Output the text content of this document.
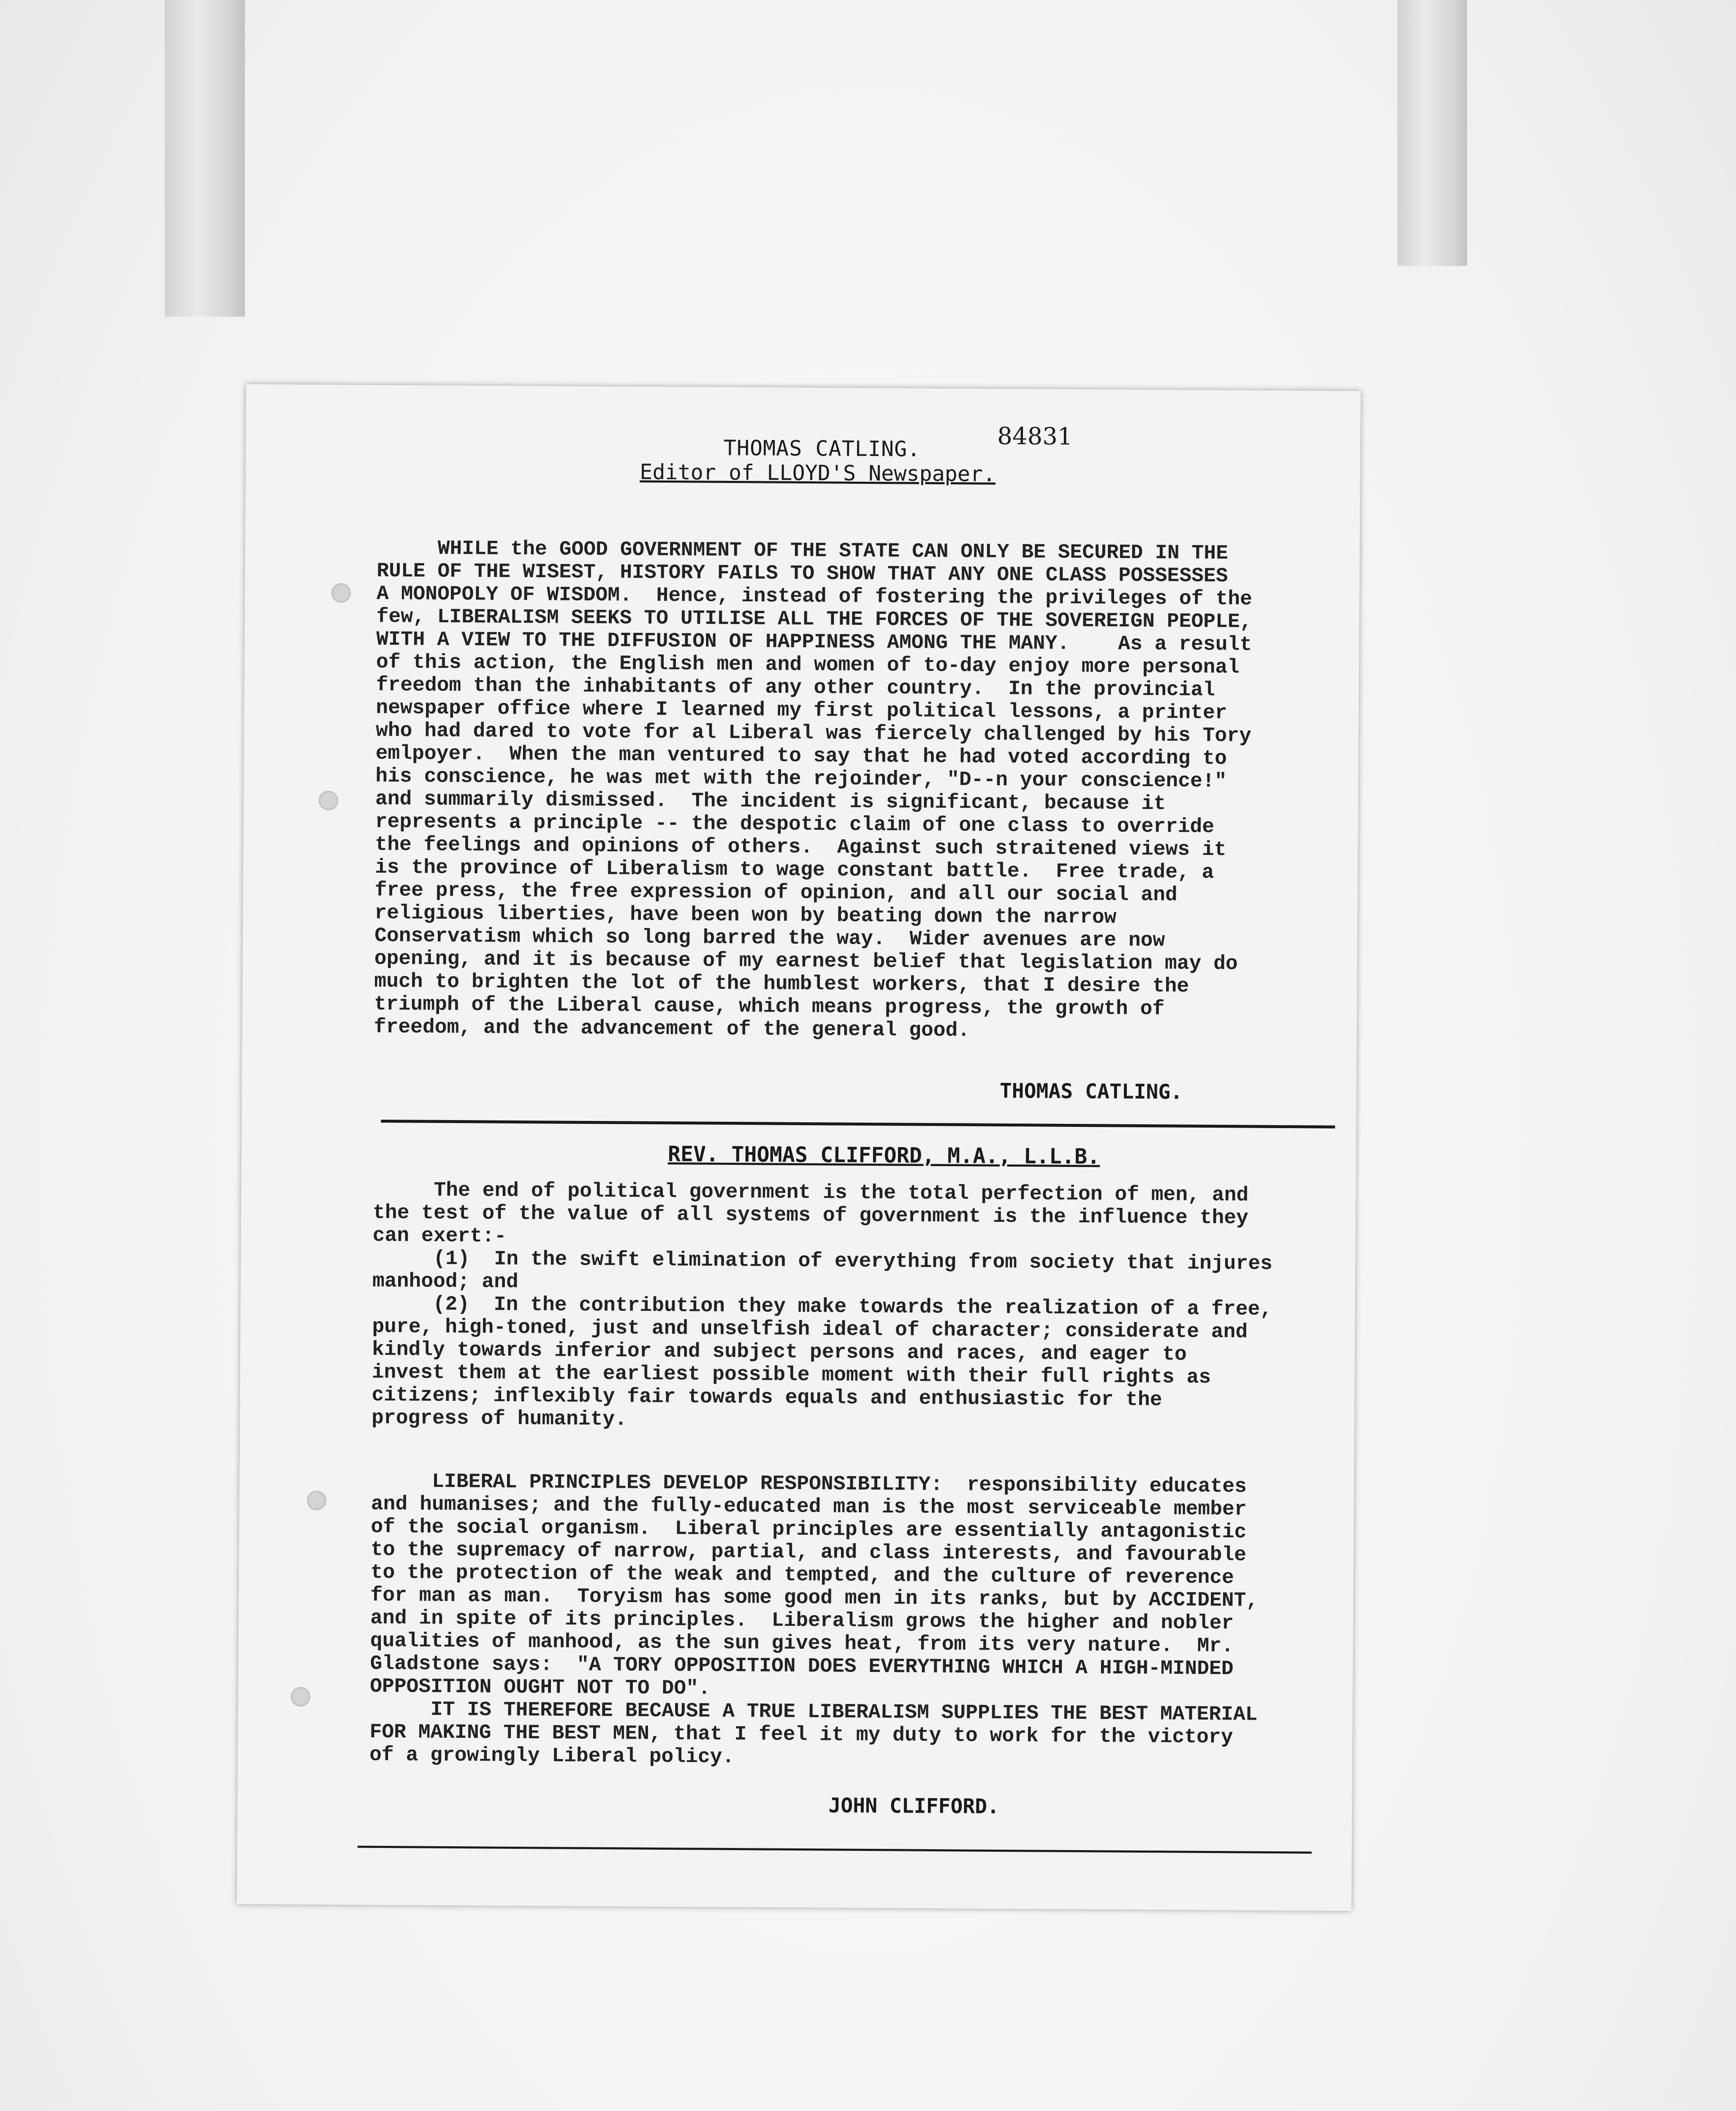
84831
THOMAS CATLING.
Editor of LLOYD'S Newspaper.
WHILE the GOOD GOVERNMENT OF THE STATE CAN ONLY BE SECURED IN THE
RULE OF THE WISEST, HISTORY FAILS TO SHOW THAT ANY ONE CLASS POSSESSES
A MONOPOLY OF WISDOM.  Hence, instead of fostering the privileges of the
few, LIBERALISM SEEKS TO UTILISE ALL THE FORCES OF THE SOVEREIGN PEOPLE,
WITH A VIEW TO THE DIFFUSION OF HAPPINESS AMONG THE MANY.    As a result
of this action, the English men and women of to-day enjoy more personal
freedom than the inhabitants of any other country.  In the provincial
newspaper office where I learned my first political lessons, a printer
who had dared to vote for al Liberal was fiercely challenged by his Tory
emlpoyer.  When the man ventured to say that he had voted according to
his conscience, he was met with the rejoinder, "D--n your conscience!"
and summarily dismissed.  The incident is significant, because it
represents a principle -- the despotic claim of one class to override
the feelings and opinions of others.  Against such straitened views it
is the province of Liberalism to wage constant battle.  Free trade, a
free press, the free expression of opinion, and all our social and
religious liberties, have been won by beating down the narrow
Conservatism which so long barred the way.  Wider avenues are now
opening, and it is because of my earnest belief that legislation may do
much to brighten the lot of the humblest workers, that I desire the
triumph of the Liberal cause, which means progress, the growth of
freedom, and the advancement of the general good.
THOMAS CATLING.
REV. THOMAS CLIFFORD, M.A., L.L.B.
The end of political government is the total perfection of men, and
the test of the value of all systems of government is the influence they
can exert:-
(1)  In the swift elimination of everything from society that injures
manhood; and
(2)  In the contribution they make towards the realization of a free,
pure, high-toned, just and unselfish ideal of character; considerate and
kindly towards inferior and subject persons and races, and eager to
invest them at the earliest possible moment with their full rights as
citizens; inflexibly fair towards equals and enthusiastic for the
progress of humanity.
LIBERAL PRINCIPLES DEVELOP RESPONSIBILITY:  responsibility educates
and humanises; and the fully-educated man is the most serviceable member
of the social organism.  Liberal principles are essentially antagonistic
to the supremacy of narrow, partial, and class interests, and favourable
to the protection of the weak and tempted, and the culture of reverence
for man as man.  Toryism has some good men in its ranks, but by ACCIDENT,
and in spite of its principles.  Liberalism grows the higher and nobler
qualities of manhood, as the sun gives heat, from its very nature.  Mr.
Gladstone says:  "A TORY OPPOSITION DOES EVERYTHING WHICH A HIGH-MINDED
OPPOSITION OUGHT NOT TO DO".
IT IS THEREFORE BECAUSE A TRUE LIBERALISM SUPPLIES THE BEST MATERIAL
FOR MAKING THE BEST MEN, that I feel it my duty to work for the victory
of a growingly Liberal policy.
JOHN CLIFFORD.
